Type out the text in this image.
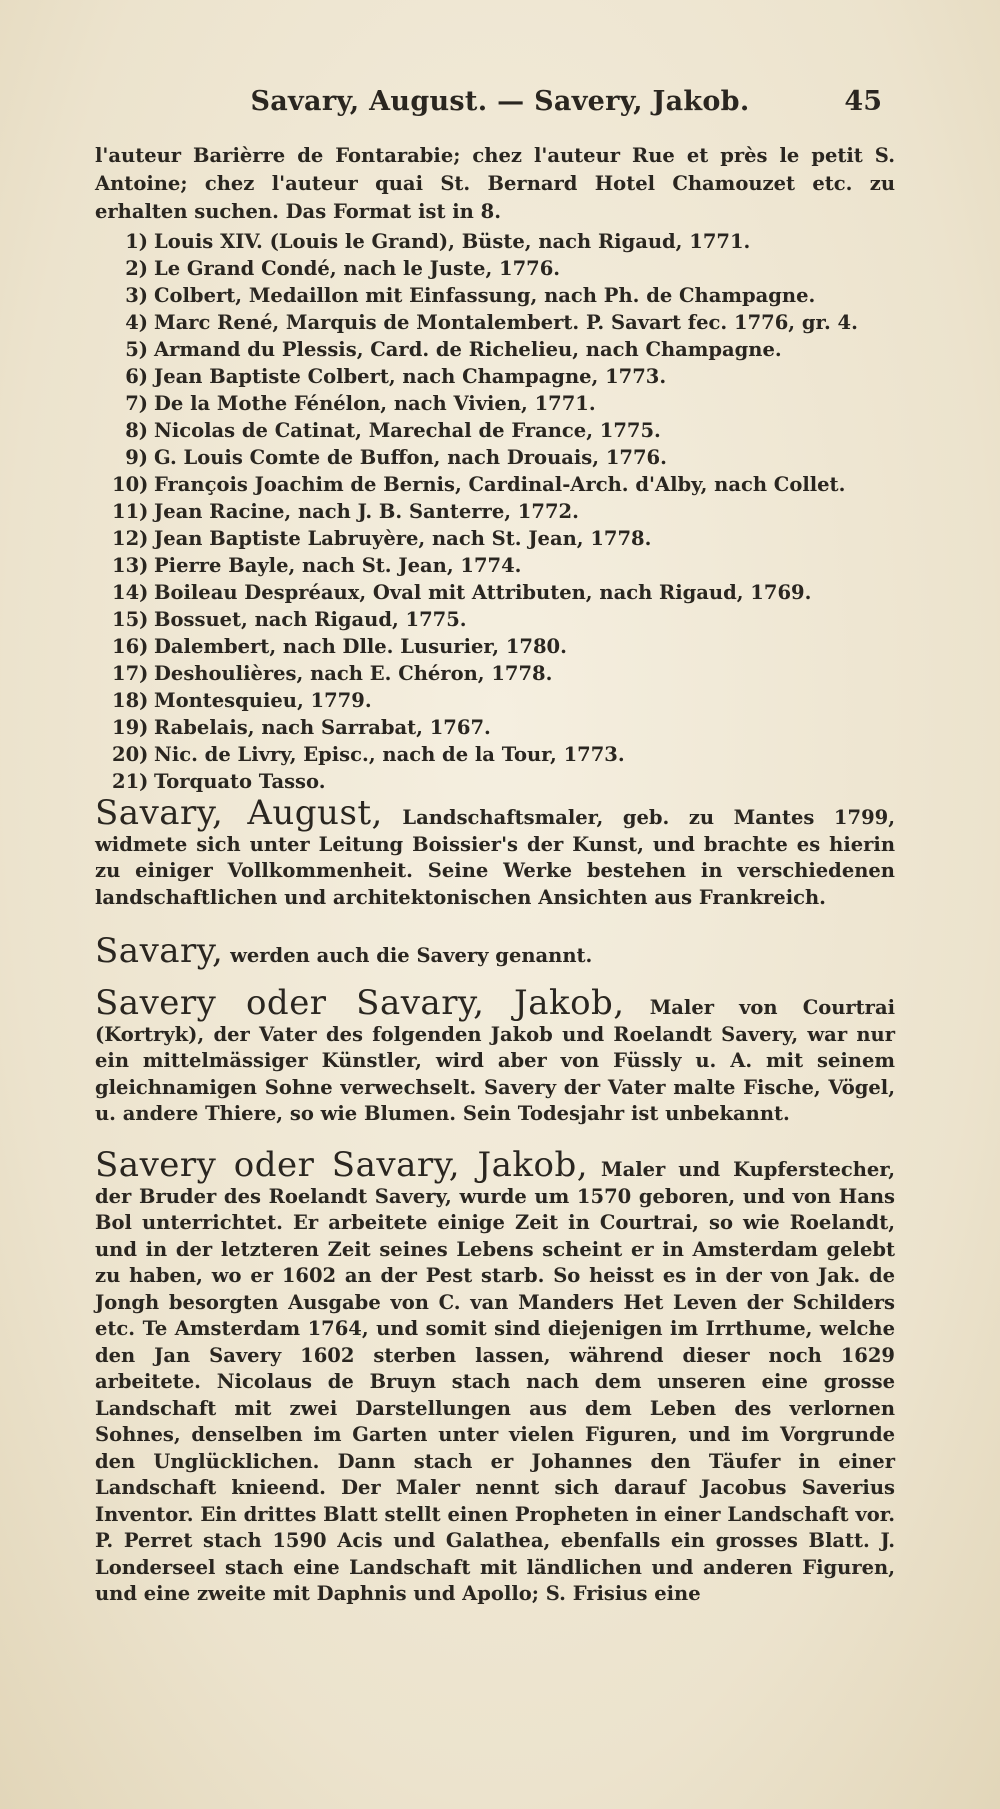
Savary, August. — Savery, Jakob.	45

l'auteur Barièrre de Fontarabie; chez l'auteur Rue et près le petit S. Antoine; chez l'auteur quai St. Bernard Hotel Chamouzet etc. zu erhalten suchen. Das Format ist in 8.

1) Louis XIV. (Louis le Grand), Büste, nach Rigaud, 1771.
2) Le Grand Condé, nach le Juste, 1776.
3) Colbert, Medaillon mit Einfassung, nach Ph. de Champagne.
4) Marc René, Marquis de Montalembert. P. Savart fec. 1776, gr. 4.
5) Armand du Plessis, Card. de Richelieu, nach Champagne.
6) Jean Baptiste Colbert, nach Champagne, 1773.
7) De la Mothe Fénélon, nach Vivien, 1771.
8) Nicolas de Catinat, Marechal de France, 1775.
9) G. Louis Comte de Buffon, nach Drouais, 1776.
10) François Joachim de Bernis, Cardinal-Arch. d'Alby, nach Collet.
11) Jean Racine, nach J. B. Santerre, 1772.
12) Jean Baptiste Labruyère, nach St. Jean, 1778.
13) Pierre Bayle, nach St. Jean, 1774.
14) Boileau Despréaux, Oval mit Attributen, nach Rigaud, 1769.
15) Bossuet, nach Rigaud, 1775.
16) Dalembert, nach Dlle. Lusurier, 1780.
17) Deshoulières, nach E. Chéron, 1778.
18) Montesquieu, 1779.
19) Rabelais, nach Sarrabat, 1767.
20) Nic. de Livry, Episc., nach de la Tour, 1773.
21) Torquato Tasso.

Savary, August, Landschaftsmaler, geb. zu Mantes 1799, widmete sich unter Leitung Boissier's der Kunst, und brachte es hierin zu einiger Vollkommenheit. Seine Werke bestehen in verschiedenen landschaftlichen und architektonischen Ansichten aus Frankreich.

Savary, werden auch die Savery genannt.

Savery oder Savary, Jakob, Maler von Courtrai (Kortryk), der Vater des folgenden Jakob und Roelandt Savery, war nur ein mittelmässiger Künstler, wird aber von Füssly u. A. mit seinem gleichnamigen Sohne verwechselt. Savery der Vater malte Fische, Vögel, u. andere Thiere, so wie Blumen. Sein Todesjahr ist unbekannt.

Savery oder Savary, Jakob, Maler und Kupferstecher, der Bruder des Roelandt Savery, wurde um 1570 geboren, und von Hans Bol unterrichtet. Er arbeitete einige Zeit in Courtrai, so wie Roelandt, und in der letzteren Zeit seines Lebens scheint er in Amsterdam gelebt zu haben, wo er 1602 an der Pest starb. So heisst es in der von Jak. de Jongh besorgten Ausgabe von C. van Manders Het Leven der Schilders etc. Te Amsterdam 1764, und somit sind diejenigen im Irrthume, welche den Jan Savery 1602 sterben lassen, während dieser noch 1629 arbeitete. Nicolaus de Bruyn stach nach dem unseren eine grosse Landschaft mit zwei Darstellungen aus dem Leben des verlornen Sohnes, denselben im Garten unter vielen Figuren, und im Vorgrunde den Unglücklichen. Dann stach er Johannes den Täufer in einer Landschaft knieend. Der Maler nennt sich darauf Jacobus Saverius Inventor. Ein drittes Blatt stellt einen Propheten in einer Landschaft vor. P. Perret stach 1590 Acis und Galathea, ebenfalls ein grosses Blatt. J. Londerseel stach eine Landschaft mit ländlichen und anderen Figuren, und eine zweite mit Daphnis und Apollo; S. Frisius eine
